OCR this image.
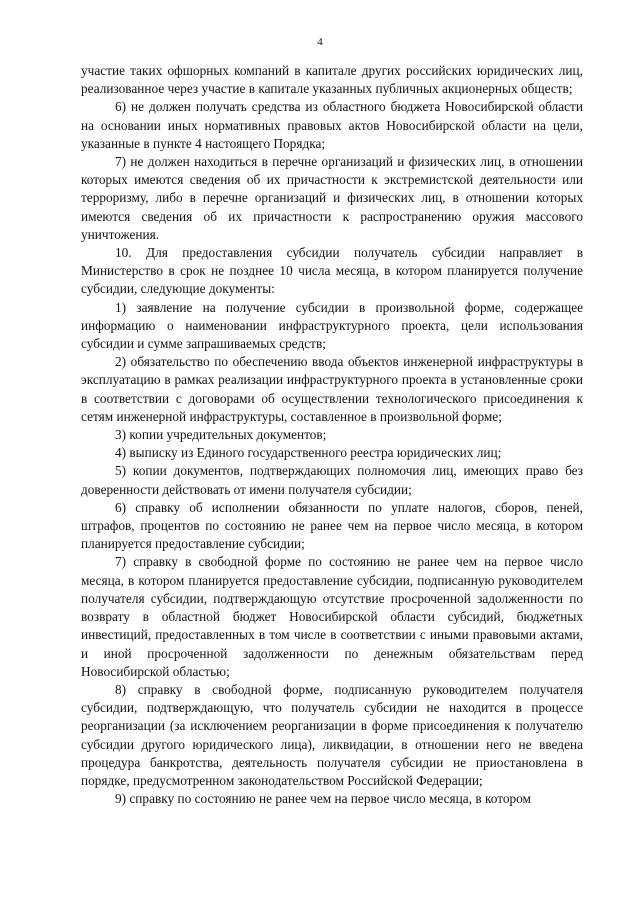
4

участие таких офшорных компаний в капитале других российских юридических лиц, реализованное через участие в капитале указанных публичных акционерных обществ;

6) не должен получать средства из областного бюджета Новосибирской области на основании иных нормативных правовых актов Новосибирской области на цели, указанные в пункте 4 настоящего Порядка;

7) не должен находиться в перечне организаций и физических лиц, в отношении которых имеются сведения об их причастности к экстремистской деятельности или терроризму, либо в перечне организаций и физических лиц, в отношении которых имеются сведения об их причастности к распространению оружия массового уничтожения.

10. Для предоставления субсидии получатель субсидии направляет в Министерство в срок не позднее 10 числа месяца, в котором планируется получение субсидии, следующие документы:

1) заявление на получение субсидии в произвольной форме, содержащее информацию о наименовании инфраструктурного проекта, цели использования субсидии и сумме запрашиваемых средств;

2) обязательство по обеспечению ввода объектов инженерной инфраструктуры в эксплуатацию в рамках реализации инфраструктурного проекта в установленные сроки в соответствии с договорами об осуществлении технологического присоединения к сетям инженерной инфраструктуры, составленное в произвольной форме;

3) копии учредительных документов;

4) выписку из Единого государственного реестра юридических лиц;

5) копии документов, подтверждающих полномочия лиц, имеющих право без доверенности действовать от имени получателя субсидии;

6) справку об исполнении обязанности по уплате налогов, сборов, пеней, штрафов, процентов по состоянию не ранее чем на первое число месяца, в котором планируется предоставление субсидии;

7) справку в свободной форме по состоянию не ранее чем на первое число месяца, в котором планируется предоставление субсидии, подписанную руководителем получателя субсидии, подтверждающую отсутствие просроченной задолженности по возврату в областной бюджет Новосибирской области субсидий, бюджетных инвестиций, предоставленных в том числе в соответствии с иными правовыми актами, и иной просроченной задолженности по денежным обязательствам перед Новосибирской областью;

8) справку в свободной форме, подписанную руководителем получателя субсидии, подтверждающую, что получатель субсидии не находится в процессе реорганизации (за исключением реорганизации в форме присоединения к получателю субсидии другого юридического лица), ликвидации, в отношении него не введена процедура банкротства, деятельность получателя субсидии не приостановлена в порядке, предусмотренном законодательством Российской Федерации;

9) справку по состоянию не ранее чем на первое число месяца, в котором
